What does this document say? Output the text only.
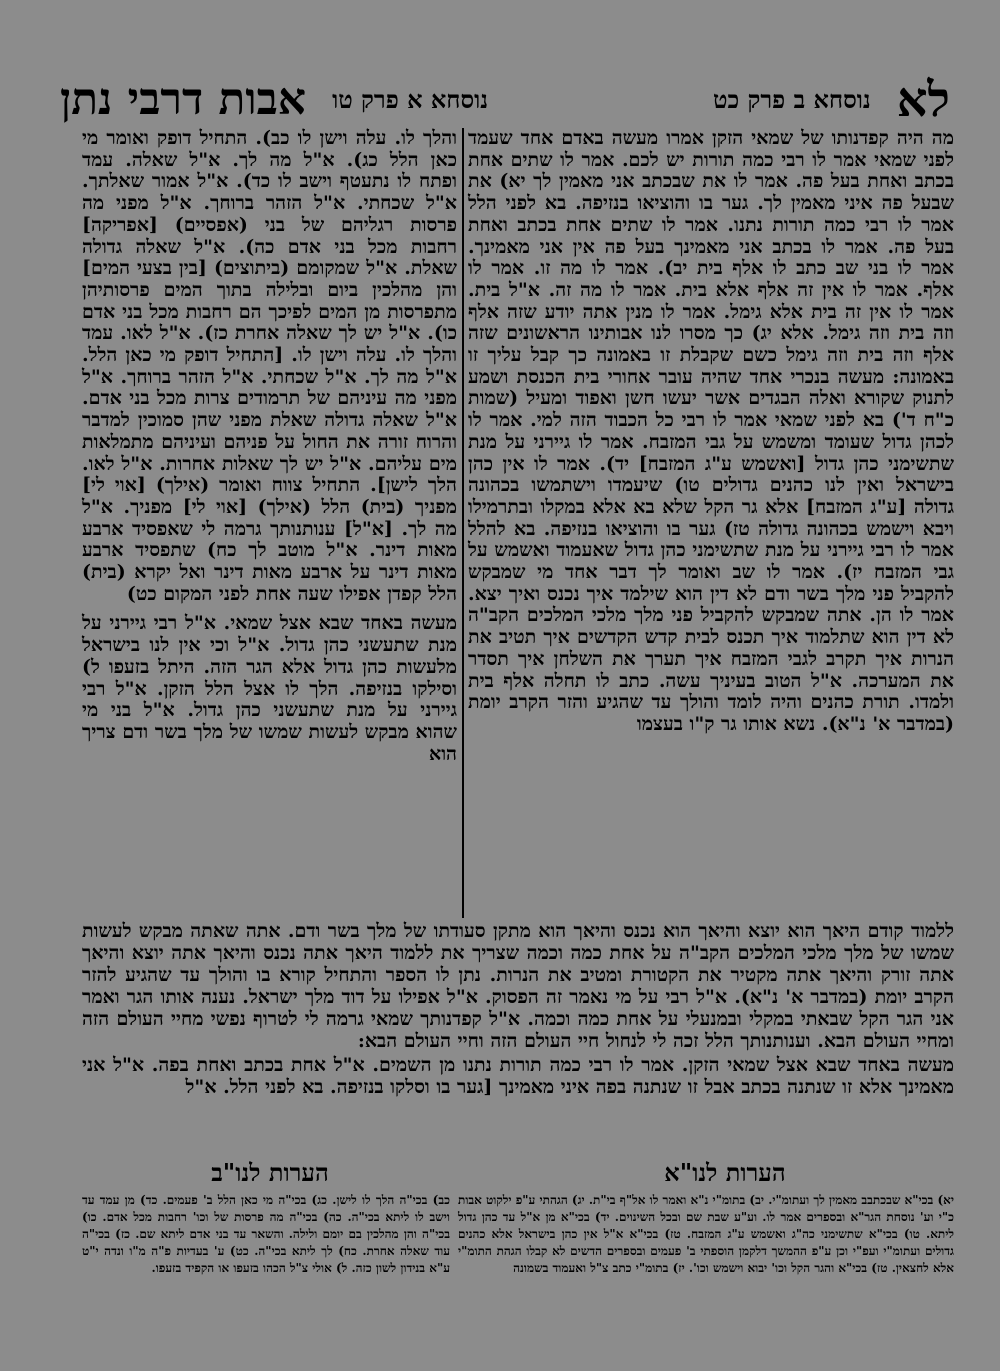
נוסחא א פרק טו
אבות דרבי נתן	לא
נוסחא ב פרק כט

מה היה קפדנותו של שמאי הזקן אמרו מעשה באדם אחד שעמד לפני שמאי אמר לו רבי כמה תורות יש לכם. אמר לו שתים אחת בכתב ואחת בעל פה. אמר לו את שבכתב אני מאמין לך יא) את שבעל פה איני מאמין לך. גער בו והוציאו בנזיפה. בא לפני הלל אמר לו רבי כמה תורות נתנו. אמר לו שתים אחת בכתב ואחת בעל פה. אמר לו בכתב אני מאמינך בעל פה אין אני מאמינך. אמר לו בני שב כתב לו אלף בית יב). אמר לו מה זו. אמר לו אלף. אמר לו אין זה אלף אלא בית. אמר לו מה זה. א"ל בית. אמר לו אין זה בית אלא גימל. אמר לו מנין אתה יודע שזה אלף וזה בית וזה גימל. אלא יג) כך מסרו לנו אבותינו הראשונים שזה אלף וזה בית וזה גימל כשם שקבלת זו באמונה כך קבל עליך זו באמונה: מעשה בנכרי אחד שהיה עובר אחורי בית הכנסת ושמע לתנוק שקורא ואלה הבגדים אשר יעשו חשן ואפוד ומעיל (שמות כ"ח ד') בא לפני שמאי אמר לו רבי כל הכבוד הזה למי. אמר לו לכהן גדול שעומד ומשמש על גבי המזבח. אמר לו גיירני על מנת שתשימני כהן גדול [ואשמש ע"ג המזבח] יד). אמר לו אין כהן בישראל ואין לנו כהנים גדולים טו) שיעמדו וישתמשו בכהונה גדולה [ע"ג המזבח] אלא גר הקל שלא בא אלא במקלו ובתרמילו ויבא וישמש בכהונה גדולה טז) גער בו והוציאו בנזיפה. בא להלל אמר לו רבי גיירני על מנת שתשימני כהן גדול שאעמוד ואשמש על גבי המזבח יז). אמר לו שב ואומר לך דבר אחד מי שמבקש להקביל פני מלך בשר ודם לא דין הוא שילמד איך נכנס ואיך יצא. אמר לו הן. אתה שמבקש להקביל פני מלך מלכי המלכים הקב"ה לא דין הוא שתלמוד איך תכנס לבית קדש הקדשים איך תטיב את הנרות איך תקרב לגבי המזבח איך תערך את השלחן איך תסדר את המערכה. א"ל הטוב בעיניך עשה. כתב לו תחלה אלף בית ולמדו. תורת כהנים והיה לומד והולך עד שהגיע והזר הקרב יומת (במדבר א' נ"א). נשא אותו גר ק"ו בעצמו

והלך לו. עלה וישן לו כב). התחיל דופק ואומר מי כאן הלל כג). א"ל מה לך. א"ל שאלה. עמד ופתח לו נתעטף וישב לו כד). א"ל אמור שאלתך. א"ל שכחתי. א"ל הזהר ברוחך. א"ל מפני מה פרסות רגליהם של בני (אפסיים) [אפריקה] רחבות מכל בני אדם כה). א"ל שאלה גדולה שאלת. א"ל שמקומם (ביתוצים) [בין בצעי המים] והן מהלכין ביום ובלילה בתוך המים פרסותיהן מתפרסות מן המים לפיכך הם רחבות מכל בני אדם כו). א"ל יש לך שאלה אחרת כז). א"ל לאו. עמד והלך לו. עלה וישן לו. [התחיל דופק מי כאן הלל. א"ל מה לך. א"ל שכחתי. א"ל הזהר ברוחך. א"ל מפני מה עיניהם של תרמודים צרות מכל בני אדם. א"ל שאלה גדולה שאלת מפני שהן סמוכין למדבר והרוח זורה את החול על פניהם ועיניהם מתמלאות מים עליהם. א"ל יש לך שאלות אחרות. א"ל לאו. הלך לישן]. התחיל צווח ואומר (אילך) [אוי לי] מפניך (בית) הלל (אילך) [אוי לי] מפניך. א"ל מה לך. [א"ל] ענותנותך גרמה לי שאפסיד ארבע מאות דינר. א"ל מוטב לך כח) שתפסיד ארבע מאות דינר על ארבע מאות דינר ואל יקרא (בית) הלל קפדן אפילו שעה אחת לפני המקום כט)

מעשה באחד שבא אצל שמאי. א"ל רבי גיירני על מנת שתעשני כהן גדול. א"ל וכי אין לנו בישראל מלעשות כהן גדול אלא הגר הזה. היתל בזעפו ל) וסילקו בנזיפה. הלך לו אצל הלל הזקן. א"ל רבי גיירני על מנת שתעשני כהן גדול. א"ל בני מי שהוא מבקש לעשות שמשו של מלך בשר ודם צריך הוא

ללמוד קודם היאך הוא יוצא והיאך הוא נכנס והיאך הוא מתקן סעודתו של מלך בשר ודם. אתה שאתה מבקש לעשות שמשו של מלך מלכי המלכים הקב"ה על אחת כמה וכמה שצריך את ללמוד היאך אתה נכנס והיאך אתה יוצא והיאך אתה זורק והיאך אתה מקטיר את הקטורת ומטיב את הנרות. נתן לו הספר והתחיל קורא בו והולך עד שהגיע להזר הקרב יומת (במדבר א' נ"א). א"ל רבי על מי נאמר זה הפסוק. א"ל אפילו על דוד מלך ישראל. נענה אותו הגר ואמר אני הגר הקל שבאתי במקלי ובמנעלי על אחת כמה וכמה. א"ל קפדנותך שמאי גרמה לי לטרוף נפשי מחיי העולם הזה ומחיי העולם הבא. וענותנותך הלל זכה לי לנחול חיי העולם הזה וחיי העולם הבא:

מעשה באחד שבא אצל שמאי הזקן. אמר לו רבי כמה תורות נתנו מן השמים. א"ל אחת בכתב ואחת בפה. א"ל אני מאמינך אלא זו שנתנה בכתב אבל זו שנתנה בפה איני מאמינך [גער בו וסלקו בנזיפה. בא לפני הלל. א"ל

הערות לנו"א
הערות לנו"ב
יא) בכי"א שבכתבב מאמין לך ועתומ"י. יב) בתומ"י נ"א ואמר לו אל"ף בי"ת. יג) הגהתי ע"פ ילקוט אבות כ"י וע' נוסחת הגר"א ובספרים אמר לו. וע"ע שבת שם ובכל השינוים. יד) בכי"א מן א"ל עד כהן גדול ליתא. טו) בכי"א שתשימני כה"ג ואשמש ע"ג המזבח. טז) בכי"א א"ל אין כהן בישראל אלא כהנים גדולים ועתומ"י ועפ"י וכן ע"פ ההמשך דלקמן הוספתי ב' פעמים ובספרים הדשים לא קבלו הגהת התומ"י אלא לחצאין. טז) בכי"א והגר הקל וכו' יבוא וישמש וכו'. יז) בתומ"י כתב צ"ל ואעמוד בשמונה
כב) בכי"ה הלך לו לישן. כג) בכי"ה מי כאן הלל ב' פעמים. כד) מן עמד עד וישב לו ליתא בכי"ה. כה) בכי"ה מה פרסות של וכו' רחבות מכל אדם. כו) בכי"ה והן מהלכין בם יומם ולילה. והשאר עד בני אדם ליתא שם. כז) בכי"ה עוד שאלה אחרת. כח) לך ליתא בכי"ה. כט) ע' בעדיות פ"ה מ"ו ונדה י"ט ע"א בנידון לשון כזה. ל) אולי צ"ל הכהו בזעפו או הקפיד בזעפו.
